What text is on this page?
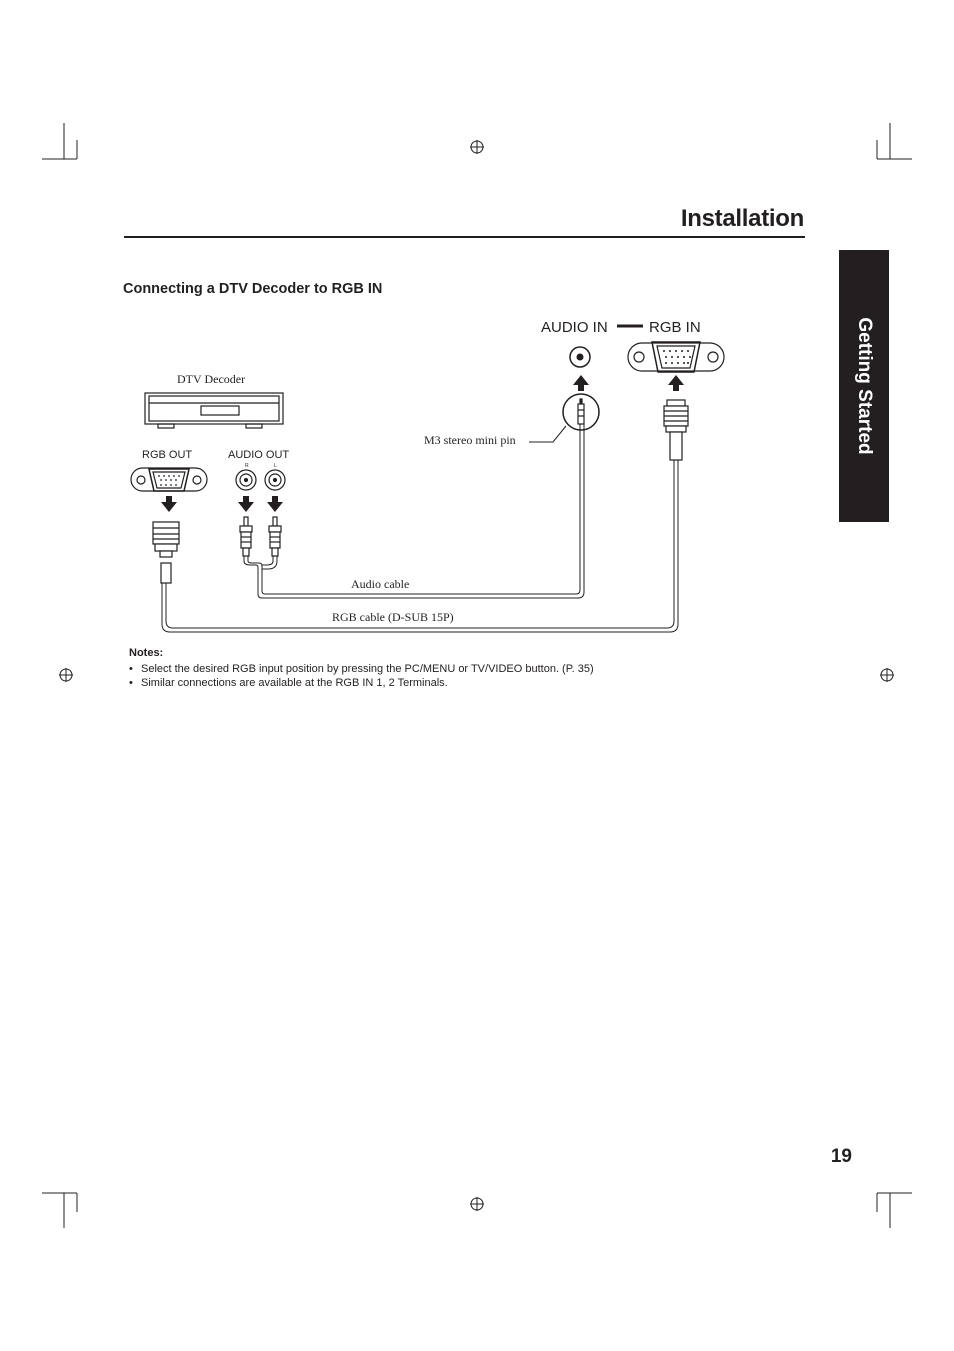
Installation
Getting Started
Connecting a DTV Decoder to RGB IN
AUDIO IN	RGB IN
M3 stereo mini pin
DTV Decoder
RGB OUT	AUDIO OUT
R	L
Audio cable
RGB cable (D-SUB 15P)
Notes:
• Select the desired RGB input position by pressing the PC/MENU or TV/VIDEO button. (P. 35)
• Similar connections are available at the RGB IN 1, 2 Terminals.
19
